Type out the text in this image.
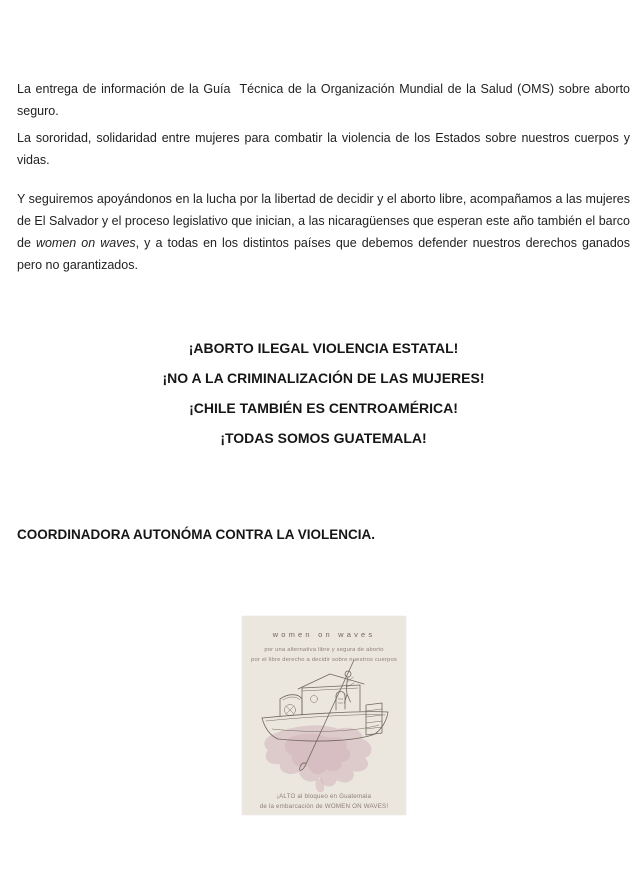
La entrega de información de la Guía  Técnica de la Organización Mundial de la Salud (OMS) sobre aborto seguro.

La sororidad, solidaridad entre mujeres para combatir la violencia de los Estados sobre nuestros cuerpos y vidas.

Y seguiremos apoyándonos en la lucha por la libertad de decidir y el aborto libre, acompañamos a las mujeres de El Salvador y el proceso legislativo que inician, a las nicaragüenses que esperan este año también el barco de women on waves, y a todas en los distintos países que debemos defender nuestros derechos ganados pero no garantizados.

¡ABORTO ILEGAL VIOLENCIA ESTATAL!

¡NO A LA CRIMINALIZACIÓN DE LAS MUJERES!

¡CHILE TAMBIÉN ES CENTROAMÉRICA!

¡TODAS SOMOS GUATEMALA!

COORDINADORA AUTONÓMA CONTRA LA VIOLENCIA.

women on waves
por una alternativa libre y segura de aborto
por el libre derecho a decidir sobre nuestros cuerpos
¡ALTO al bloqueo en Guatemala
de la embarcación de WOMEN ON WAVES!
